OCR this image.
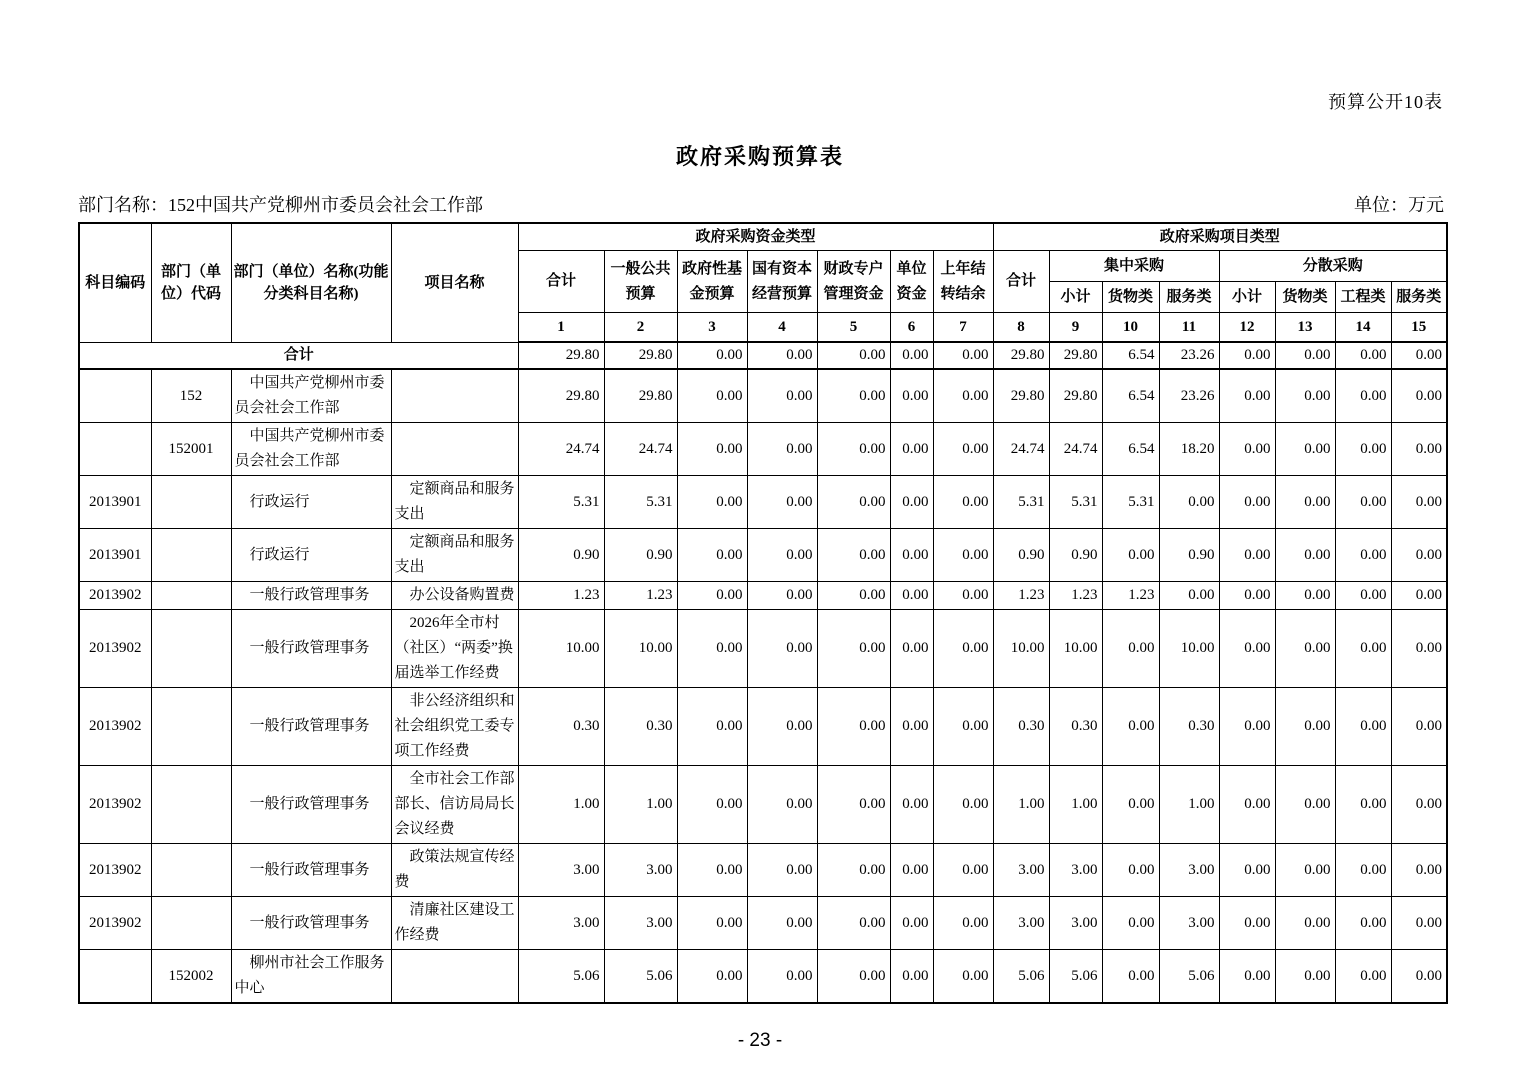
预算公开10表
政府采购预算表
部门名称：152中国共产党柳州市委员会社会工作部	单位：万元
科目编码	部门（单位）代码	部门（单位）名称(功能分类科目名称)	项目名称	政府采购资金类型							政府采购项目类型							
				合计	一般公共预算	政府性基金预算	国有资本经营预算	财政专户管理资金	单位资金	上年结转结余	合计	集中采购			分散采购			
												小计	货物类	服务类	小计	货物类	工程类	服务类
				1	2	3	4	5	6	7	8	9	10	11	12	13	14	15
合计				29.80	29.80	0.00	0.00	0.00	0.00	0.00	29.80	29.80	6.54	23.26	0.00	0.00	0.00	0.00
	152	中国共产党柳州市委员会社会工作部		29.80	29.80	0.00	0.00	0.00	0.00	0.00	29.80	29.80	6.54	23.26	0.00	0.00	0.00	0.00
	152001	中国共产党柳州市委员会社会工作部		24.74	24.74	0.00	0.00	0.00	0.00	0.00	24.74	24.74	6.54	18.20	0.00	0.00	0.00	0.00
2013901		行政运行	定额商品和服务支出	5.31	5.31	0.00	0.00	0.00	0.00	0.00	5.31	5.31	5.31	0.00	0.00	0.00	0.00	0.00
2013901		行政运行	定额商品和服务支出	0.90	0.90	0.00	0.00	0.00	0.00	0.00	0.90	0.90	0.00	0.90	0.00	0.00	0.00	0.00
2013902		一般行政管理事务	办公设备购置费	1.23	1.23	0.00	0.00	0.00	0.00	0.00	1.23	1.23	1.23	0.00	0.00	0.00	0.00	0.00
2013902		一般行政管理事务	2026年全市村（社区）“两委”换届选举工作经费	10.00	10.00	0.00	0.00	0.00	0.00	0.00	10.00	10.00	0.00	10.00	0.00	0.00	0.00	0.00
2013902		一般行政管理事务	非公经济组织和社会组织党工委专项工作经费	0.30	0.30	0.00	0.00	0.00	0.00	0.00	0.30	0.30	0.00	0.30	0.00	0.00	0.00	0.00
2013902		一般行政管理事务	全市社会工作部部长、信访局局长会议经费	1.00	1.00	0.00	0.00	0.00	0.00	0.00	1.00	1.00	0.00	1.00	0.00	0.00	0.00	0.00
2013902		一般行政管理事务	政策法规宣传经费	3.00	3.00	0.00	0.00	0.00	0.00	0.00	3.00	3.00	0.00	3.00	0.00	0.00	0.00	0.00
2013902		一般行政管理事务	清廉社区建设工作经费	3.00	3.00	0.00	0.00	0.00	0.00	0.00	3.00	3.00	0.00	3.00	0.00	0.00	0.00	0.00
	152002	柳州市社会工作服务中心		5.06	5.06	0.00	0.00	0.00	0.00	0.00	5.06	5.06	0.00	5.06	0.00	0.00	0.00	0.00
- 23 -
